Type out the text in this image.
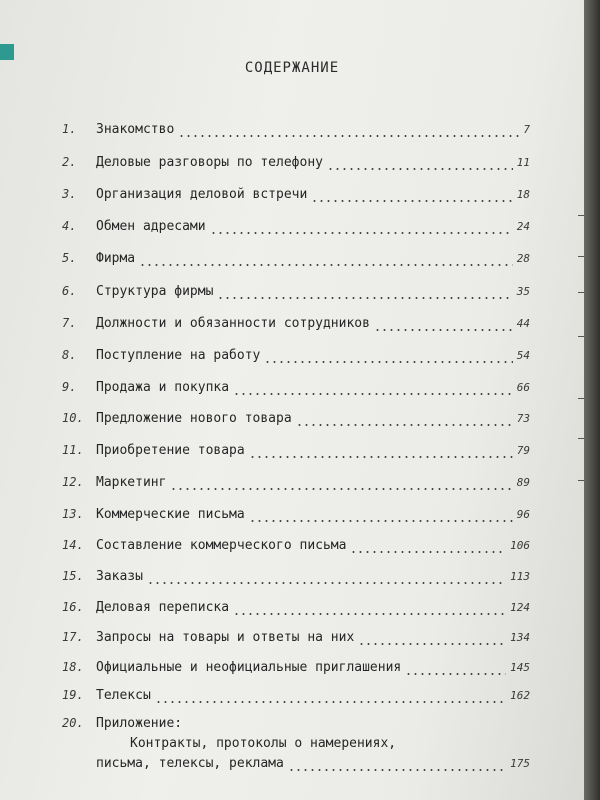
СОДЕРЖАНИЕ
1.	Знакомство	7
2.	Деловые разговоры по телефону	11
3.	Организация деловой встречи	18
4.	Обмен адресами	24
5.	Фирма	28
6.	Структура фирмы	35
7.	Должности и обязанности сотрудников	44
8.	Поступление на работу	54
9.	Продажа и покупка	66
10. Предложение нового товара	73
11. Приобретение товара	79
12. Маркетинг	89
13. Коммерческие письма	96
14. Составление коммерческого письма	106
15. Заказы	113
16. Деловая переписка	124
17. Запросы на товары и ответы на них	134
18. Официальные и неофициальные приглашения	145
19. Телексы	162
20. Приложение:
Контракты, протоколы о намерениях,
письма, телексы, реклама	175
